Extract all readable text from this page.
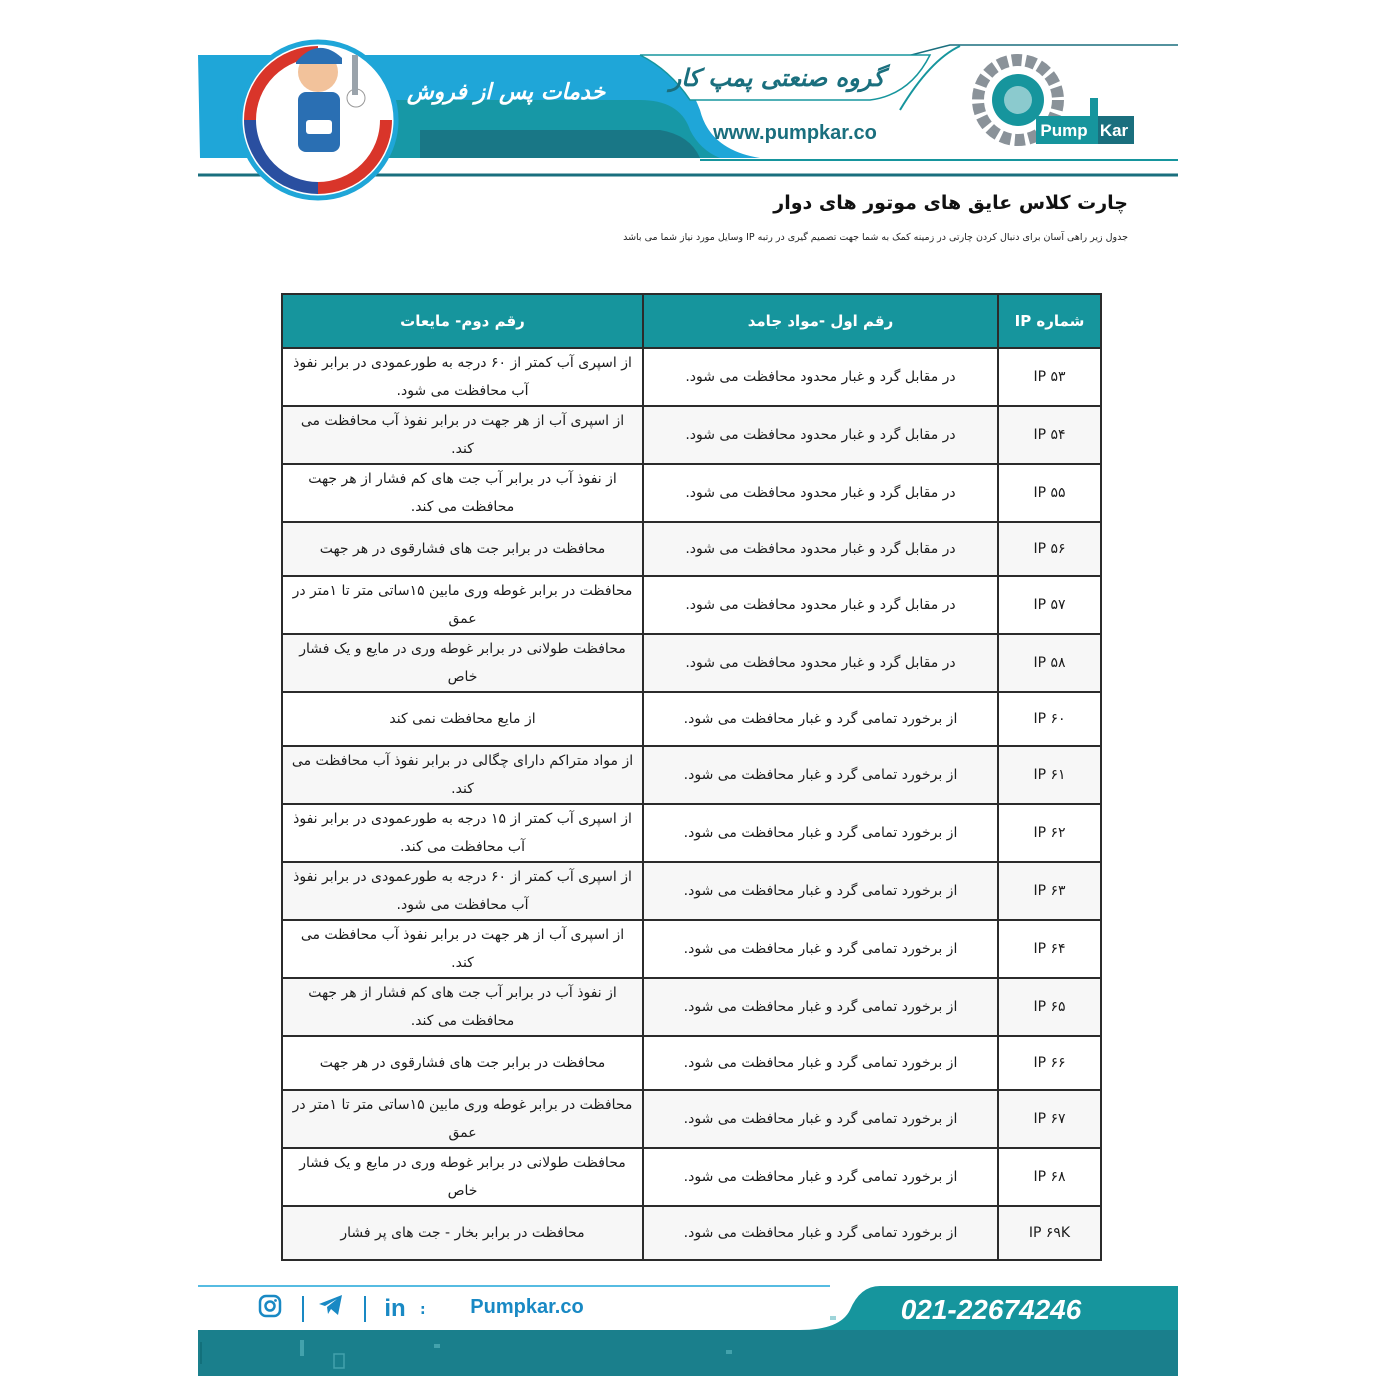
گروه صنعتی پمپ کار
www.pumpkar.co
خدمات پس از فروش
Pump Kar
چارت کلاس عایق های موتور های دوار
جدول زیر راهی آسان برای دنبال کردن چارتی در زمینه کمک به شما جهت تصمیم گیری در رتبه IP وسایل مورد نیاز شما می باشد
شماره IP	رقم اول -مواد جامد	رقم دوم- مایعات
IP ۵۳	در مقابل گرد و غبار محدود محافظت می شود.	از اسپری آب کمتر از ۶۰ درجه به طورعمودی در برابر نفوذ آب محافظت می شود.
IP ۵۴	در مقابل گرد و غبار محدود محافظت می شود.	از اسپری آب از هر جهت در برابر نفوذ آب محافظت می کند.
IP ۵۵	در مقابل گرد و غبار محدود محافظت می شود.	از نفوذ آب در برابر آب جت های کم فشار از هر جهت محافظت می کند.
IP ۵۶	در مقابل گرد و غبار محدود محافظت می شود.	محافظت در برابر جت های فشارقوی در هر جهت
IP ۵۷	در مقابل گرد و غبار محدود محافظت می شود.	محافظت در برابر غوطه وری مابین ۱۵ساتی متر تا ۱متر در عمق
IP ۵۸	در مقابل گرد و غبار محدود محافظت می شود.	محافظت طولانی در برابر غوطه وری در مایع و یک فشار خاص
IP ۶۰	از برخورد تمامی گرد و غبار محافظت می شود.	از مایع محافظت نمی کند
IP ۶۱	از برخورد تمامی گرد و غبار محافظت می شود.	از مواد متراکم دارای چگالی در برابر نفوذ آب محافظت می کند.
IP ۶۲	از برخورد تمامی گرد و غبار محافظت می شود.	از اسپری آب کمتر از ۱۵ درجه به طورعمودی در برابر نفوذ آب محافظت می کند.
IP ۶۳	از برخورد تمامی گرد و غبار محافظت می شود.	از اسپری آب کمتر از ۶۰ درجه به طورعمودی در برابر نفوذ آب محافظت می شود.
IP ۶۴	از برخورد تمامی گرد و غبار محافظت می شود.	از اسپری آب از هر جهت در برابر نفوذ آب محافظت می کند.
IP ۶۵	از برخورد تمامی گرد و غبار محافظت می شود.	از نفوذ آب در برابر آب جت های کم فشار از هر جهت محافظت می کند.
IP ۶۶	از برخورد تمامی گرد و غبار محافظت می شود.	محافظت در برابر جت های فشارقوی در هر جهت
IP ۶۷	از برخورد تمامی گرد و غبار محافظت می شود.	محافظت در برابر غوطه وری مابین ۱۵ساتی متر تا ۱متر در عمق
IP ۶۸	از برخورد تمامی گرد و غبار محافظت می شود.	محافظت طولانی در برابر غوطه وری در مایع و یک فشار خاص
IP ۶۹K	از برخورد تمامی گرد و غبار محافظت می شود.	محافظت در برابر بخار - جت های پر فشار
021-22674246
Pumpkar.co
:
in
